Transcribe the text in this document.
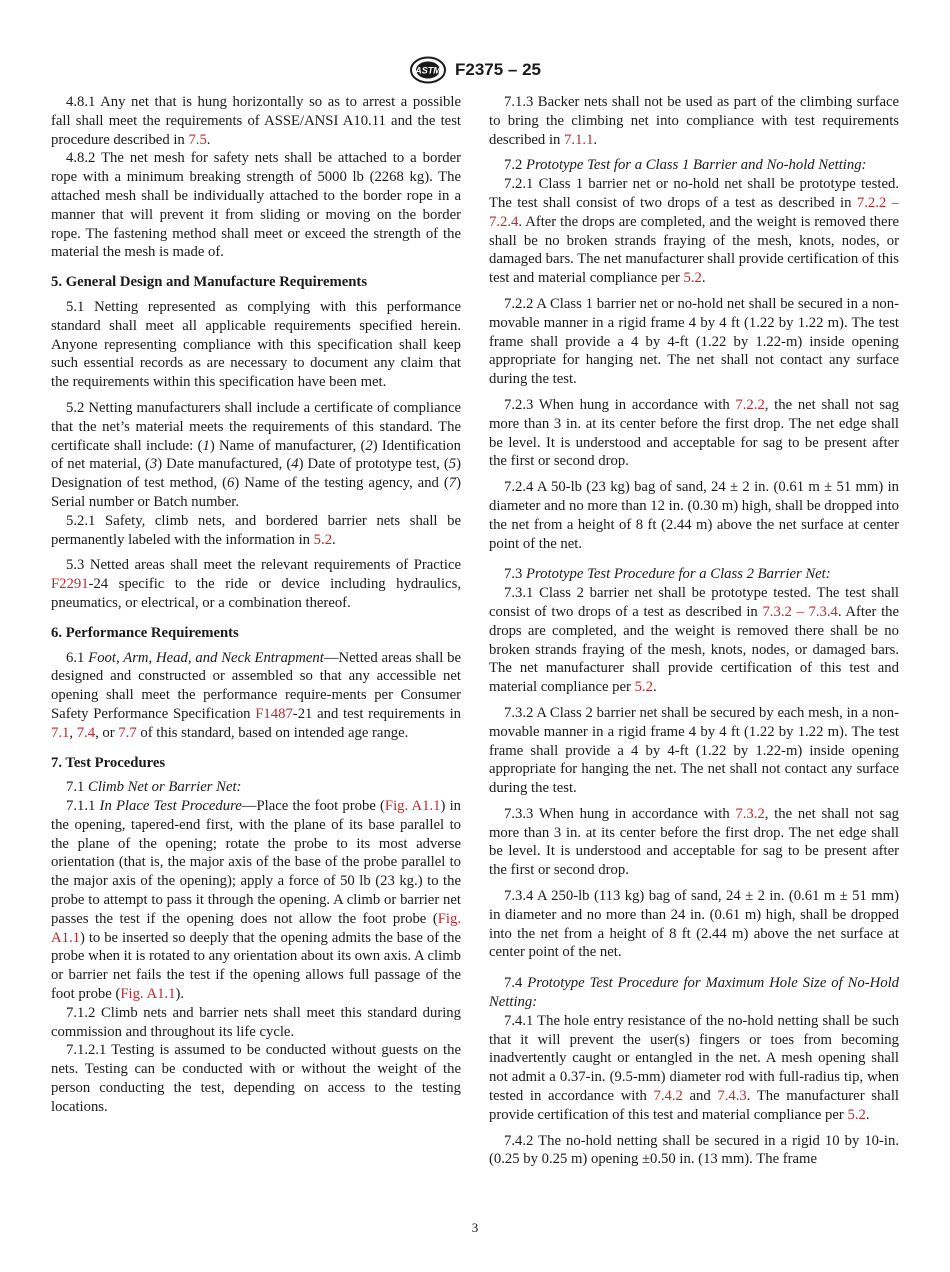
ASTM F2375 – 25

4.8.1 Any net that is hung horizontally so as to arrest a possible fall shall meet the requirements of ASSE/ANSI A10.11 and the test procedure described in 7.5.

4.8.2 The net mesh for safety nets shall be attached to a border rope with a minimum breaking strength of 5000 lb (2268 kg). The attached mesh shall be individually attached to the border rope in a manner that will prevent it from sliding or moving on the border rope. The fastening method shall meet or exceed the strength of the material the mesh is made of.

5. General Design and Manufacture Requirements

5.1 Netting represented as complying with this performance standard shall meet all applicable requirements specified herein. Anyone representing compliance with this specification shall keep such essential records as are necessary to document any claim that the requirements within this specification have been met.

5.2 Netting manufacturers shall include a certificate of compliance that the net’s material meets the requirements of this standard. The certificate shall include: (1) Name of manufacturer, (2) Identification of net material, (3) Date manufactured, (4) Date of prototype test, (5) Designation of test method, (6) Name of the testing agency, and (7) Serial number or Batch number.

5.2.1 Safety, climb nets, and bordered barrier nets shall be permanently labeled with the information in 5.2.

5.3 Netted areas shall meet the relevant requirements of Practice F2291-24 specific to the ride or device including hydraulics, pneumatics, or electrical, or a combination thereof.

6. Performance Requirements

6.1 Foot, Arm, Head, and Neck Entrapment—Netted areas shall be designed and constructed or assembled so that any accessible net opening shall meet the performance require-ments per Consumer Safety Performance Specification F1487-21 and test requirements in 7.1, 7.4, or 7.7 of this standard, based on intended age range.

7. Test Procedures

7.1 Climb Net or Barrier Net:

7.1.1 In Place Test Procedure—Place the foot probe (Fig. A1.1) in the opening, tapered-end first, with the plane of its base parallel to the plane of the opening; rotate the probe to its most adverse orientation (that is, the major axis of the base of the probe parallel to the major axis of the opening); apply a force of 50 lb (23 kg.) to the probe to attempt to pass it through the opening. A climb or barrier net passes the test if the opening does not allow the foot probe (Fig. A1.1) to be inserted so deeply that the opening admits the base of the probe when it is rotated to any orientation about its own axis. A climb or barrier net fails the test if the opening allows full passage of the foot probe (Fig. A1.1).

7.1.2 Climb nets and barrier nets shall meet this standard during commission and throughout its life cycle.

7.1.2.1 Testing is assumed to be conducted without guests on the nets. Testing can be conducted with or without the weight of the person conducting the test, depending on access to the testing locations.

7.1.3 Backer nets shall not be used as part of the climbing surface to bring the climbing net into compliance with test requirements described in 7.1.1.

7.2 Prototype Test for a Class 1 Barrier and No-hold Netting:

7.2.1 Class 1 barrier net or no-hold net shall be prototype tested. The test shall consist of two drops of a test as described in 7.2.2 – 7.2.4. After the drops are completed, and the weight is removed there shall be no broken strands fraying of the mesh, knots, nodes, or damaged bars. The net manufacturer shall provide certification of this test and material compliance per 5.2.

7.2.2 A Class 1 barrier net or no-hold net shall be secured in a non-movable manner in a rigid frame 4 by 4 ft (1.22 by 1.22 m). The test frame shall provide a 4 by 4-ft (1.22 by 1.22-m) inside opening appropriate for hanging net. The net shall not contact any surface during the test.

7.2.3 When hung in accordance with 7.2.2, the net shall not sag more than 3 in. at its center before the first drop. The net edge shall be level. It is understood and acceptable for sag to be present after the first or second drop.

7.2.4 A 50-lb (23 kg) bag of sand, 24 ± 2 in. (0.61 m ± 51 mm) in diameter and no more than 12 in. (0.30 m) high, shall be dropped into the net from a height of 8 ft (2.44 m) above the net surface at center point of the net.

7.3 Prototype Test Procedure for a Class 2 Barrier Net:

7.3.1 Class 2 barrier net shall be prototype tested. The test shall consist of two drops of a test as described in 7.3.2 – 7.3.4. After the drops are completed, and the weight is removed there shall be no broken strands fraying of the mesh, knots, nodes, or damaged bars. The net manufacturer shall provide certification of this test and material compliance per 5.2.

7.3.2 A Class 2 barrier net shall be secured by each mesh, in a non-movable manner in a rigid frame 4 by 4 ft (1.22 by 1.22 m). The test frame shall provide a 4 by 4-ft (1.22 by 1.22-m) inside opening appropriate for hanging the net. The net shall not contact any surface during the test.

7.3.3 When hung in accordance with 7.3.2, the net shall not sag more than 3 in. at its center before the first drop. The net edge shall be level. It is understood and acceptable for sag to be present after the first or second drop.

7.3.4 A 250-lb (113 kg) bag of sand, 24 ± 2 in. (0.61 m ± 51 mm) in diameter and no more than 24 in. (0.61 m) high, shall be dropped into the net from a height of 8 ft (2.44 m) above the net surface at center point of the net.

7.4 Prototype Test Procedure for Maximum Hole Size of No-Hold Netting:

7.4.1 The hole entry resistance of the no-hold netting shall be such that it will prevent the user(s) fingers or toes from becoming inadvertently caught or entangled in the net. A mesh opening shall not admit a 0.37-in. (9.5-mm) diameter rod with full-radius tip, when tested in accordance with 7.4.2 and 7.4.3. The manufacturer shall provide certification of this test and material compliance per 5.2.

7.4.2 The no-hold netting shall be secured in a rigid 10 by 10-in. (0.25 by 0.25 m) opening ±0.50 in. (13 mm). The frame

3
